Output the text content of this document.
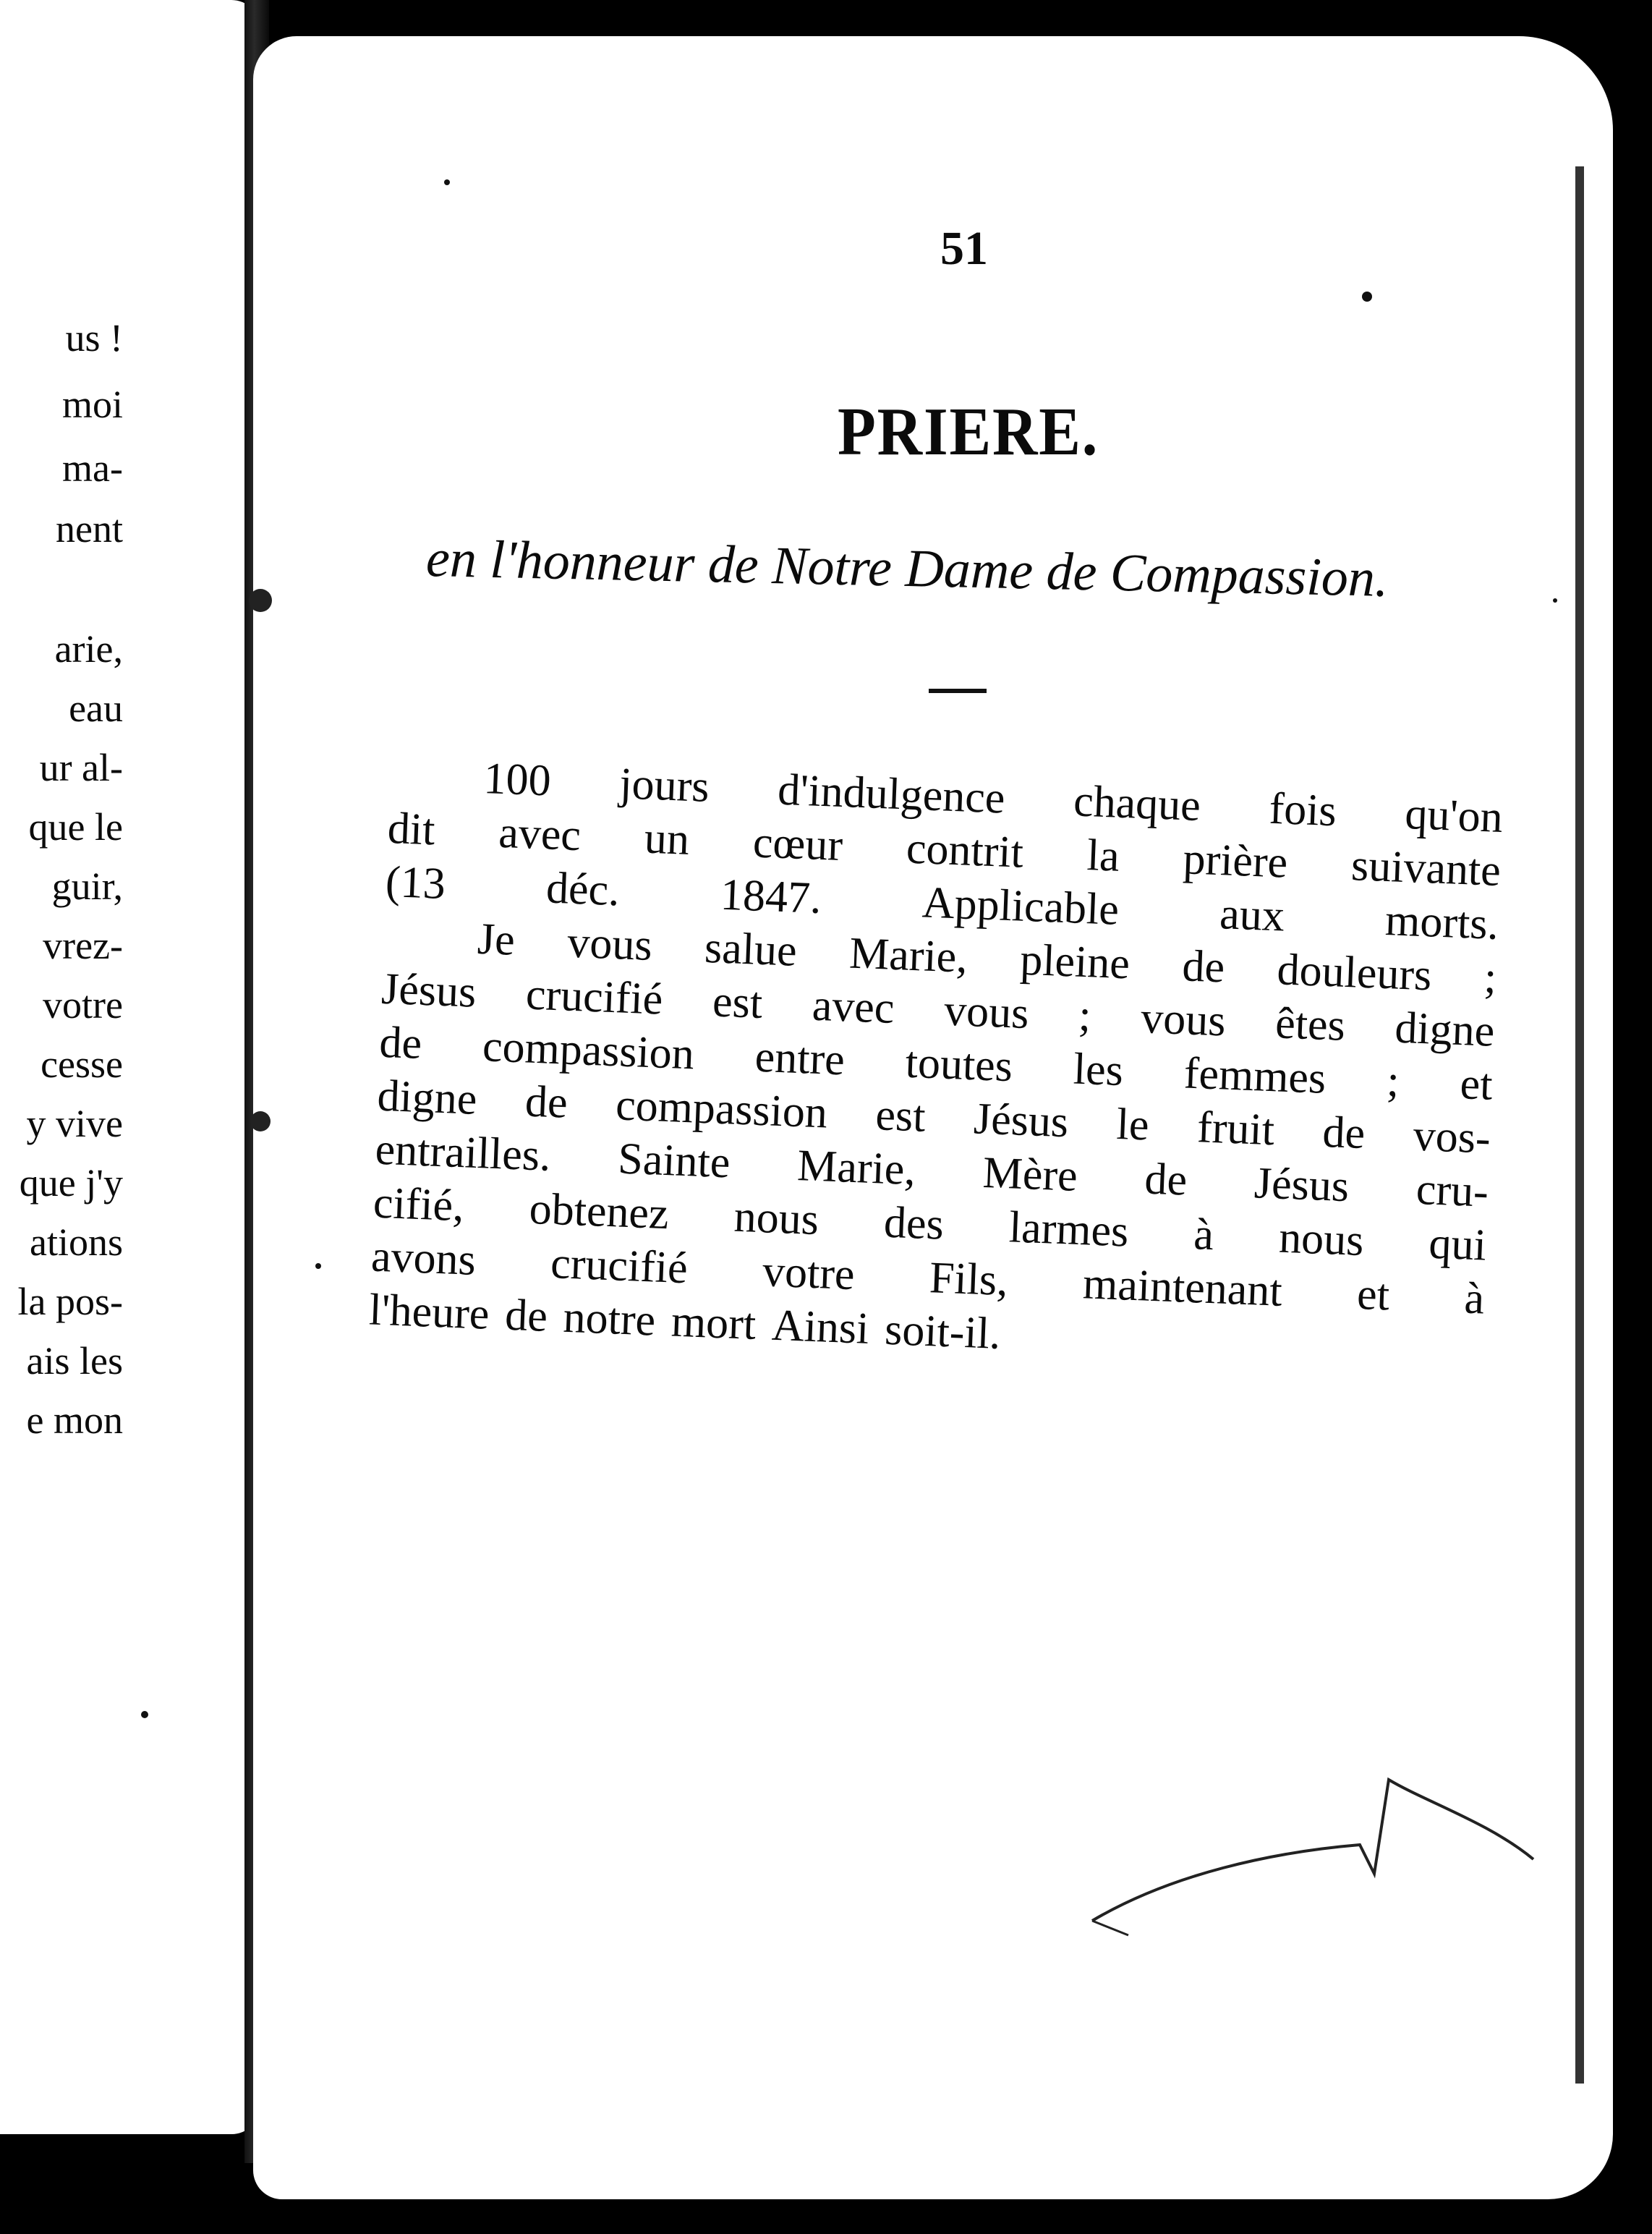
us !
moi
ma-
nent
arie,
eau
ur al-
que le
guir,
vrez-
votre
cesse
y vive
que j'y
ations
la pos-
ais les
e mon
51
PRIERE.
en l'honneur de Notre Dame de Compassion.
100 jours d'indulgence chaque fois qu'on
dit avec un cœur contrit la prière suivante
(13 déc. 1847. Applicable aux morts.
Je vous salue Marie, pleine de douleurs ;
Jésus crucifié est avec vous ; vous êtes digne
de compassion entre toutes les femmes ; et
digne de compassion est Jésus le fruit de vos-
entrailles. Sainte Marie, Mère de Jésus cru-
cifié, obtenez nous des larmes à nous qui
avons crucifié votre Fils, maintenant et à
l'heure de notre mort Ainsi soit-il.
